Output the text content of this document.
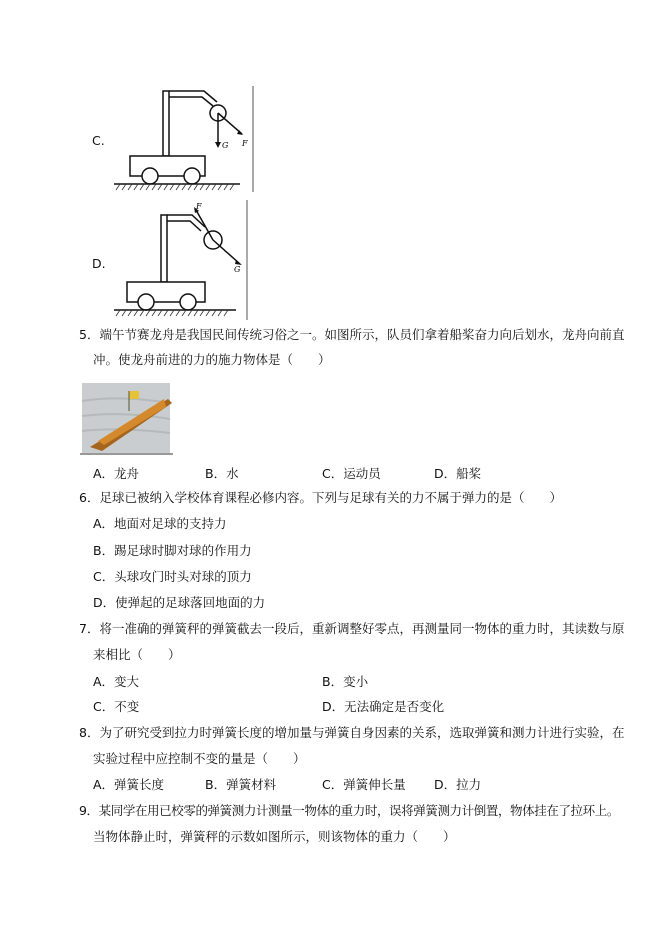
C.	G F
D.
F
G
5．端午节赛龙舟是我国民间传统习俗之一。如图所示，队员们拿着船桨奋力向后划水，龙舟向前直
冲。使龙舟前进的力的施力物体是（　　）
A．龙舟	B．水	C．运动员	D．船桨
6．足球已被纳入学校体育课程必修内容。下列与足球有关的力不属于弹力的是（　　）
A．地面对足球的支持力
B．踢足球时脚对球的作用力
C．头球攻门时头对球的顶力
D．使弹起的足球落回地面的力
7．将一准确的弹簧秤的弹簧截去一段后，重新调整好零点，再测量同一物体的重力时，其读数与原
来相比（　　）
A．变大	B．变小
C．不变	D．无法确定是否变化
8．为了研究受到拉力时弹簧长度的增加量与弹簧自身因素的关系，选取弹簧和测力计进行实验，在
实验过程中应控制不变的量是（　　）
A．弹簧长度	B．弹簧材料	C．弹簧伸长量 D．拉力
9．某同学在用已校零的弹簧测力计测量一物体的重力时，误将弹簧测力计倒置，物体挂在了拉环上。
当物体静止时，弹簧秤的示数如图所示，则该物体的重力（　　）
